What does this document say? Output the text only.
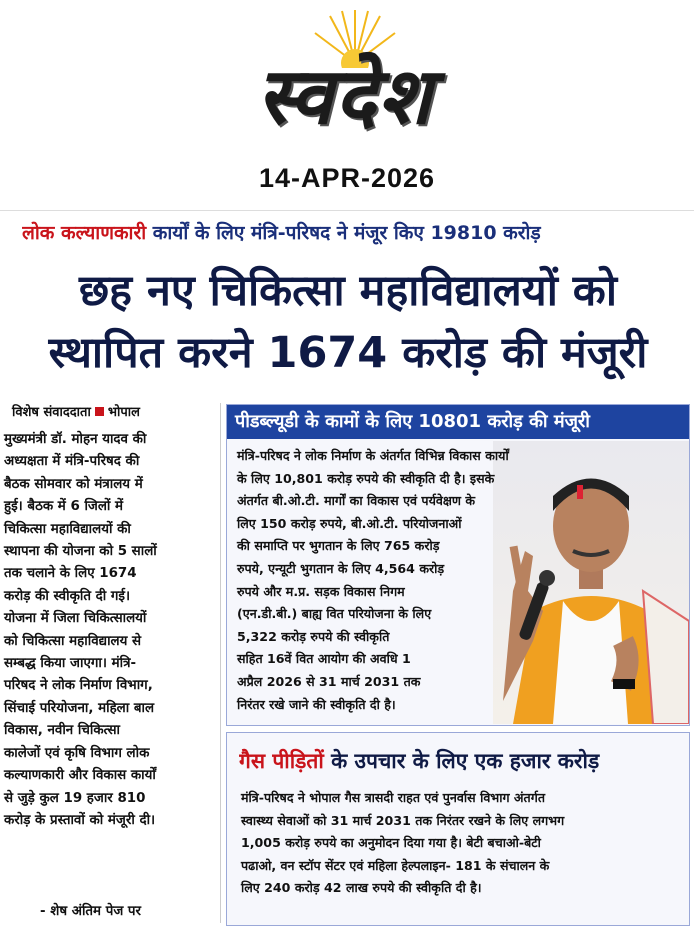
स्वदेश
14-APR-2026
लोक कल्याणकारी कार्यों के लिए मंत्रि-परिषद ने मंजूर किए 19810 करोड़
छह नए चिकित्सा महाविद्यालयों को
स्थापित करने 1674 करोड़ की मंजूरी
विशेष संवाददाता भोपाल
मुख्यमंत्री डॉ. मोहन यादव की
अध्यक्षता में मंत्रि-परिषद की
बैठक सोमवार को मंत्रालय में
हुई। बैठक में 6 जिलों में
चिकित्सा महाविद्यालयों की
स्थापना की योजना को 5 सालों
तक चलाने के लिए 1674
करोड़ की स्वीकृति दी गई।
योजना में जिला चिकित्सालयों
को चिकित्सा महाविद्यालय से
सम्बद्ध किया जाएगा। मंत्रि-
परिषद ने लोक निर्माण विभाग,
सिंचाई परियोजना, महिला बाल
विकास, नवीन चिकित्सा
कालेजों एवं कृषि विभाग लोक
कल्याणकारी और विकास कार्यों
से जुड़े कुल 19 हजार 810
करोड़ के प्रस्तावों को मंजूरी दी।
- शेष अंतिम पेज पर
पीडब्ल्यूडी के कामों के लिए 10801 करोड़ की मंजूरी
मंत्रि-परिषद ने लोक निर्माण के अंतर्गत विभिन्न विकास कार्यों
के लिए 10,801 करोड़ रुपये की स्वीकृति दी है। इसके
अंतर्गत बी.ओ.टी. मार्गों का विकास एवं पर्यवेक्षण के
लिए 150 करोड़ रुपये, बी.ओ.टी. परियोजनाओं
की समाप्ति पर भुगतान के लिए 765 करोड़
रुपये, एन्यूटी भुगतान के लिए 4,564 करोड़
रुपये और म.प्र. सड़क विकास निगम
(एन.डी.बी.) बाह्य वित परियोजना के लिए
5,322 करोड़ रुपये की स्वीकृति
सहित 16वें वित आयोग की अवधि 1
अप्रैल 2026 से 31 मार्च 2031 तक
निरंतर रखे जाने की स्वीकृति दी है।
गैस पीड़ितों के उपचार के लिए एक हजार करोड़
मंत्रि-परिषद ने भोपाल गैस त्रासदी राहत एवं पुनर्वास विभाग अंतर्गत
स्वास्थ्य सेवाओं को 31 मार्च 2031 तक निरंतर रखने के लिए लगभग
1,005 करोड़ रुपये का अनुमोदन दिया गया है। बेटी बचाओ-बेटी
पढाओ, वन स्टॉप सेंटर एवं महिला हेल्पलाइन- 181 के संचालन के
लिए 240 करोड़ 42 लाख रुपये की स्वीकृति दी है।
